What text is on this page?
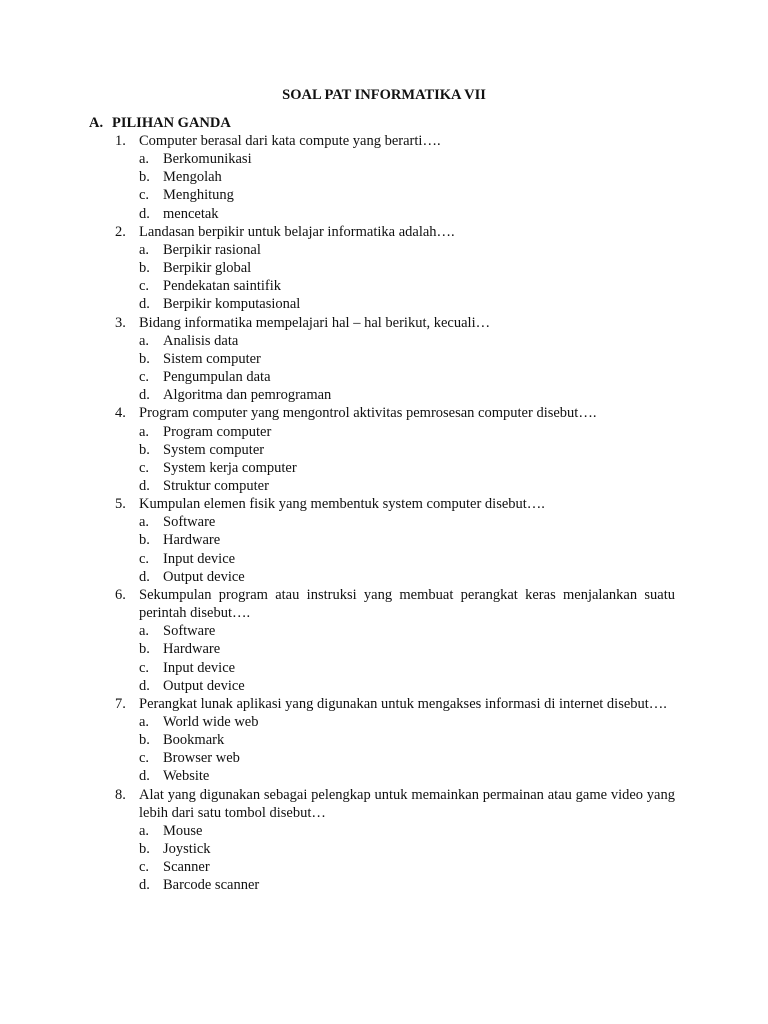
SOAL PAT INFORMATIKA VII
A. PILIHAN GANDA
1. Computer berasal dari kata compute yang berarti….
a. Berkomunikasi
b. Mengolah
c. Menghitung
d. mencetak
2. Landasan berpikir untuk belajar informatika adalah….
a. Berpikir rasional
b. Berpikir global
c. Pendekatan saintifik
d. Berpikir komputasional
3. Bidang informatika mempelajari hal – hal berikut, kecuali…
a. Analisis data
b. Sistem computer
c. Pengumpulan data
d. Algoritma dan pemrograman
4. Program computer yang mengontrol aktivitas pemrosesan computer disebut….
a. Program computer
b. System computer
c. System kerja computer
d. Struktur computer
5. Kumpulan elemen fisik yang membentuk system computer disebut….
a. Software
b. Hardware
c. Input device
d. Output device
6. Sekumpulan program atau instruksi yang membuat perangkat keras menjalankan suatu perintah disebut….
a. Software
b. Hardware
c. Input device
d. Output device
7. Perangkat lunak aplikasi yang digunakan untuk mengakses informasi di internet disebut….
a. World wide web
b. Bookmark
c. Browser web
d. Website
8. Alat yang digunakan sebagai pelengkap untuk memainkan permainan atau game video yang lebih dari satu tombol disebut…
a. Mouse
b. Joystick
c. Scanner
d. Barcode scanner
